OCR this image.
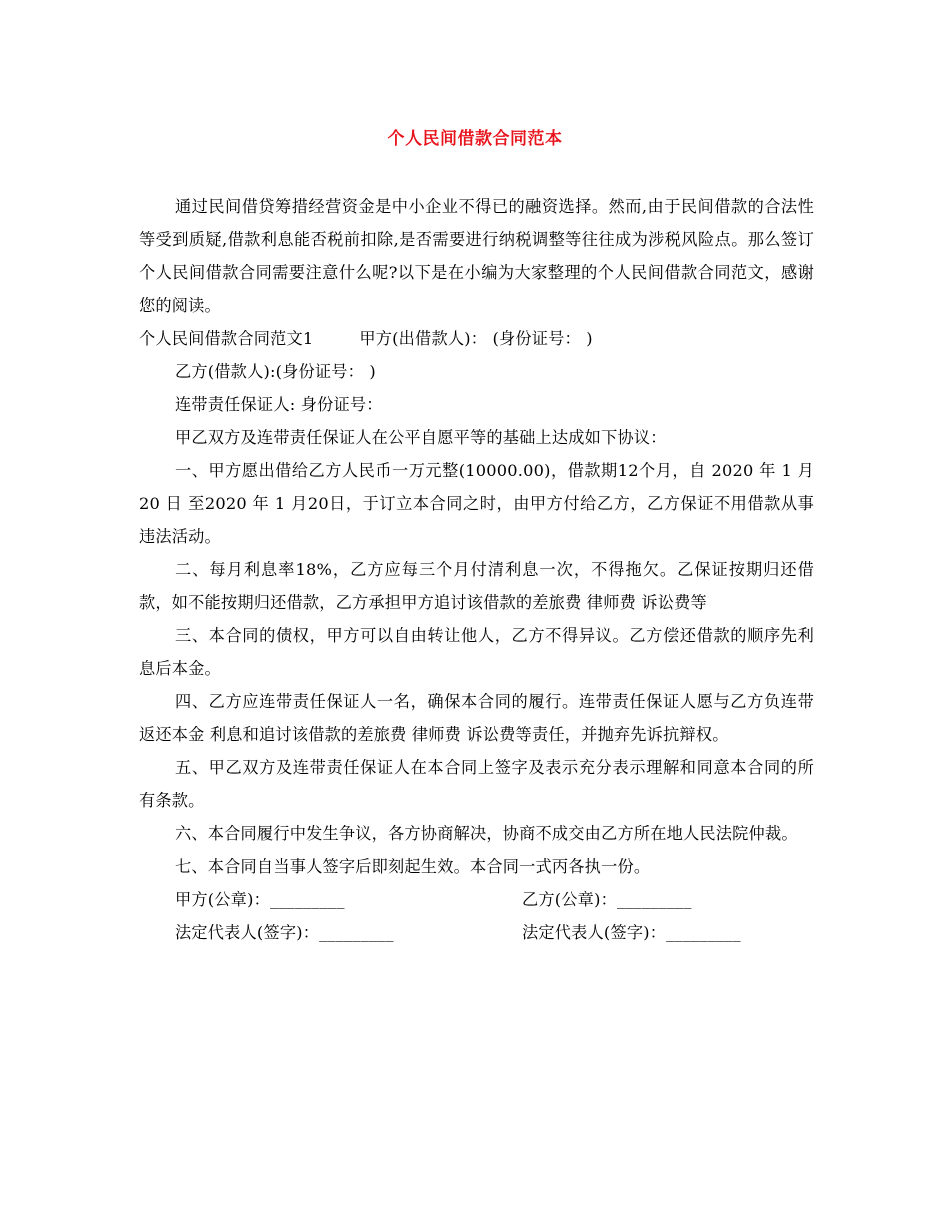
个人民间借款合同范本

通过民间借贷筹措经营资金是中小企业不得已的融资选择。然而,由于民间借款的合法性等受到质疑,借款利息能否税前扣除,是否需要进行纳税调整等往往成为涉税风险点。那么签订个人民间借款合同需要注意什么呢?以下是在小编为大家整理的个人民间借款合同范文，感谢您的阅读。

个人民间借款合同范文1	甲方(出借款人)： (身份证号： )

乙方(借款人):(身份证号： )

连带责任保证人: 身份证号：

甲乙双方及连带责任保证人在公平自愿平等的基础上达成如下协议：

一、甲方愿出借给乙方人民币一万元整(10000.00)，借款期12个月，自 2020 年 1 月20 日 至2020 年 1 月20日，于订立本合同之时，由甲方付给乙方，乙方保证不用借款从事违法活动。

二、每月利息率18%，乙方应每三个月付清利息一次，不得拖欠。乙保证按期归还借款，如不能按期归还借款，乙方承担甲方追讨该借款的差旅费 律师费 诉讼费等

三、本合同的债权，甲方可以自由转让他人，乙方不得异议。乙方偿还借款的顺序先利息后本金。

四、乙方应连带责任保证人一名，确保本合同的履行。连带责任保证人愿与乙方负连带返还本金 利息和追讨该借款的差旅费 律师费 诉讼费等责任，并抛弃先诉抗辩权。

五、甲乙双方及连带责任保证人在本合同上签字及表示充分表示理解和同意本合同的所有条款。

六、本合同履行中发生争议，各方协商解决，协商不成交由乙方所在地人民法院仲裁。

七、本合同自当事人签字后即刻起生效。本合同一式丙各执一份。

甲方(公章)：_________	乙方(公章)：_________
法定代表人(签字)：_________	法定代表人(签字)：_________
